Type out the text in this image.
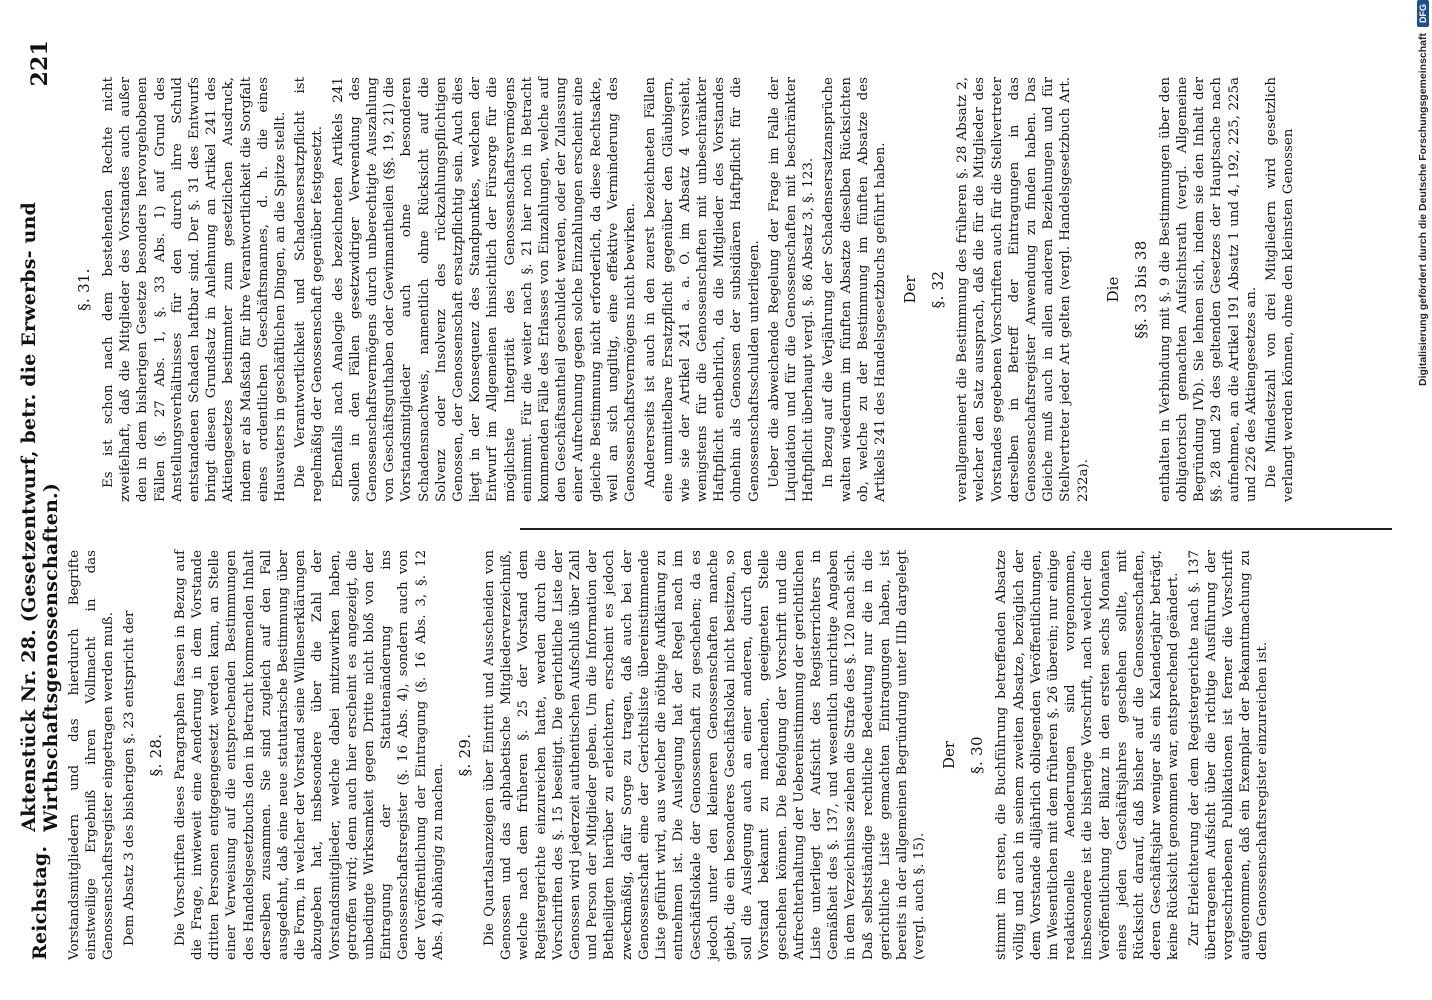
Reichstag.
Aktenstück Nr. 28. (Gesetzentwurf, betr. die Erwerbs- und Wirthschaftsgenossenschaften.)
221

Vorstandsmitgliedern und das hierdurch Begrifte einstweilige Ergebniß ihren Vollmacht in das Genossenschaftsregister eingetragen werden muß. Dem Absatz 3 des bisherigen §. 23 entspricht der §. 28. Die Vorschriften dieses Paragraphen fassen in Bezug auf die Frage, inwieweit eine Aenderung in dem Vorstande dritten Personen entgegengesetzt werden kann, an Stelle einer Verweisung auf die entsprechenden Bestimmungen des Handelsgesetzbuchs den in Betracht kommenden Inhalt derselben zusammen. Sie sind zugleich auf den Fall ausgedehnt, daß eine neue statutarische Bestimmung über die Form, in welcher der Vorstand seine Willenserklärungen abzugeben hat, insbesondere über die Zahl der Vorstandsmitglieder, welche dabei mitzuwirken haben, getroffen wird; denn auch hier erscheint es angezeigt, die unbedingte Wirksamkeit gegen Dritte nicht bloß von der Eintragung der Statutenänderung ins Genossenschaftsregister (§. 16 Abs. 4), sondern auch von der Veröffentlichung der Eintragung (§. 16 Abs. 3, §. 12 Abs. 4) abhängig zu machen.

§. 29. Die Quartalsanzeigen über Eintritt und Ausscheiden von Genossen und das alphabetische Mitgliederverzeichniß, welche nach dem früheren §. 25 der Vorstand dem Registergerichte einzureichen hatte, werden durch die Vorschriften des §. 15 beseitigt. Die gerichtliche Liste der Genossen wird jederzeit authentischen Aufschluß über Zahl und Person der Mitglieder geben. Um die Information der Betheiligten hierüber zu erleichtern, erscheint es jedoch zweckmäßig, dafür Sorge zu tragen, daß auch bei der Genossenschaft eine der Gerichtsliste übereinstimmende Liste geführt wird, aus welcher die nöthige Aufklärung zu entnehmen ist. Die Auslegung hat der Regel nach im Geschäftslokale der Genossenschaft zu geschehen; da es jedoch unter den kleineren Genossenschaften manche giebt, die ein besonderes Geschäftslokal nicht besitzen, so soll die Auslegung auch an einer anderen, durch den Vorstand bekannt zu machenden, geeigneten Stelle geschehen können. Die Befolgung der Vorschrift und die Aufrechterhaltung der Uebereinstimmung der gerichtlichen Liste unterliegt der Aufsicht des Registerrichters in Gemäßheit des §. 137, und wesentlich unrichtige Angaben in dem Verzeichnisse ziehen die Strafe des §. 120 nach sich. Daß selbstständige rechtliche Bedeutung nur die in die gerichtliche Liste gemachten Eintragungen haben, ist bereits in der allgemeinen Begründung unter IIIb dargelegt (vergl. auch §. 15).

Der §. 30 stimmt im ersten, die Buchführung betreffenden Absatze völlig und auch in seinem zweiten Absatze, bezüglich der dem Vorstande alljährlich obliegenden Veröffentlichungen, im Wesentlichen mit dem früheren §. 26 überein; nur einige redaktionelle Aenderungen sind vorgenommen, insbesondere ist die bisherige Vorschrift, nach welcher die Veröffentlichung der Bilanz in den ersten sechs Monaten eines jeden Geschäftsjahres geschehen sollte, mit Rücksicht darauf, daß bisher auf die Genossenschaften, deren Geschäftsjahr weniger als ein Kalenderjahr beträgt, keine Rücksicht genommen war, entsprechend geändert. Zur Erleichterung der dem Registergerichte nach §. 137 übertragenen Aufsicht über die richtige Ausführung der vorgeschriebenen Publikationen ist ferner die Vorschrift aufgenommen, daß ein Exemplar der Bekanntmachung zu dem Genossenschaftsregister einzureichen ist.

§. 31. Es ist schon nach dem bestehenden Rechte nicht zweifelhaft, daß die Mitglieder des Vorstandes auch außer den in dem bisherigen Gesetze besonders hervorgehobenen Fällen (§. 27 Abs. 1, §. 33 Abs. 1) auf Grund des Anstellungsverhältnisses für den durch ihre Schuld entstandenen Schaden haftbar sind. Der §. 31 des Entwurfs bringt diesen Grundsatz in Anlehnung an Artikel 241 des Aktiengesetzes bestimmter zum gesetzlichen Ausdruck, indem er als Maßstab für ihre Verantwortlichkeit die Sorgfalt eines ordentlichen Geschäftsmannes, d. h. die eines Hausvaters in geschäftlichen Dingen, an die Spitze stellt. Die Verantwortlichkeit und Schadensersatzpflicht ist regelmäßig der Genossenschaft gegenüber festgesetzt. Ebenfalls nach Analogie des bezeichneten Artikels 241 sollen in den Fällen gesetzwidriger Verwendung des Genossenschaftsvermögens durch unberechtigte Auszahlung von Geschäftsguthaben oder Gewinnantheilen (§§. 19, 21) die Vorstandsmitglieder auch ohne besonderen Schadensnachweis, namentlich ohne Rücksicht auf die Solvenz oder Insolvenz des rückzahlungspflichtigen Genossen, der Genossenschaft ersatzpflichtig sein. Auch dies liegt in der Konsequenz des Standpunktes, welchen der Entwurf im Allgemeinen hinsichtlich der Fürsorge für die möglichste Integrität des Genossenschaftsvermögens einnimmt. Für die weiter nach §. 21 hier noch in Betracht kommenden Fälle des Erlasses von Einzahlungen, welche auf den Geschäftsantheil geschuldet werden, oder der Zulassung einer Aufrechnung gegen solche Einzahlungen erscheint eine gleiche Bestimmung nicht erforderlich, da diese Rechtsakte, weil an sich ungiltig, eine effektive Verminderung des Genossenschaftsvermögens nicht bewirken. Andererseits ist auch in den zuerst bezeichneten Fällen eine unmittelbare Ersatzpflicht gegenüber den Gläubigern, wie sie der Artikel 241 a. a. O. im Absatz 4 vorsieht, wenigstens für die Genossenschaften mit unbeschränkter Haftpflicht entbehrlich, da die Mitglieder des Vorstandes ohnehin als Genossen der subsidiären Haftpflicht für die Genossenschaftsschulden unterliegen. Ueber die abweichende Regelung der Frage im Falle der Liquidation und für die Genossenschaften mit beschränkter Haftpflicht überhaupt vergl. §. 86 Absatz 3, §. 123. In Bezug auf die Verjährung der Schadensersatzansprüche walten wiederum im fünften Absatze dieselben Rücksichten ob, welche zu der Bestimmung im fünften Absatze des Artikels 241 des Handelsgesetzbuchs geführt haben. Der §. 32 verallgemeinert die Bestimmung des früheren §. 28 Absatz 2, welcher den Satz aussprach, daß die für die Mitglieder des Vorstandes gegebenen Vorschriften auch für die Stellvertreter derselben in Betreff der Eintragungen in das Genossenschaftsregister Anwendung zu finden haben. Das Gleiche muß auch in allen anderen Beziehungen und für Stellvertreter jeder Art gelten (vergl. Handelsgesetzbuch Art. 232a).

Die §§. 33 bis 38 enthalten in Verbindung mit §. 9 die Bestimmungen über den obligatorisch gemachten Aufsichtsrath (vergl. Allgemeine Begründung IVb). Sie lehnen sich, indem sie den Inhalt der §§. 28 und 29 des geltenden Gesetzes der Hauptsache nach aufnehmen, an die Artikel 191 Absatz 1 und 4, 192, 225, 225a und 226 des Aktiengesetzes an. Die Mindestzahl von drei Mitgliedern wird gesetzlich verlangt werden können, ohne den kleinsten Genossen	Digitalisierung gefördert durch die Deutsche Forschungsgemeinschaft
DFG
